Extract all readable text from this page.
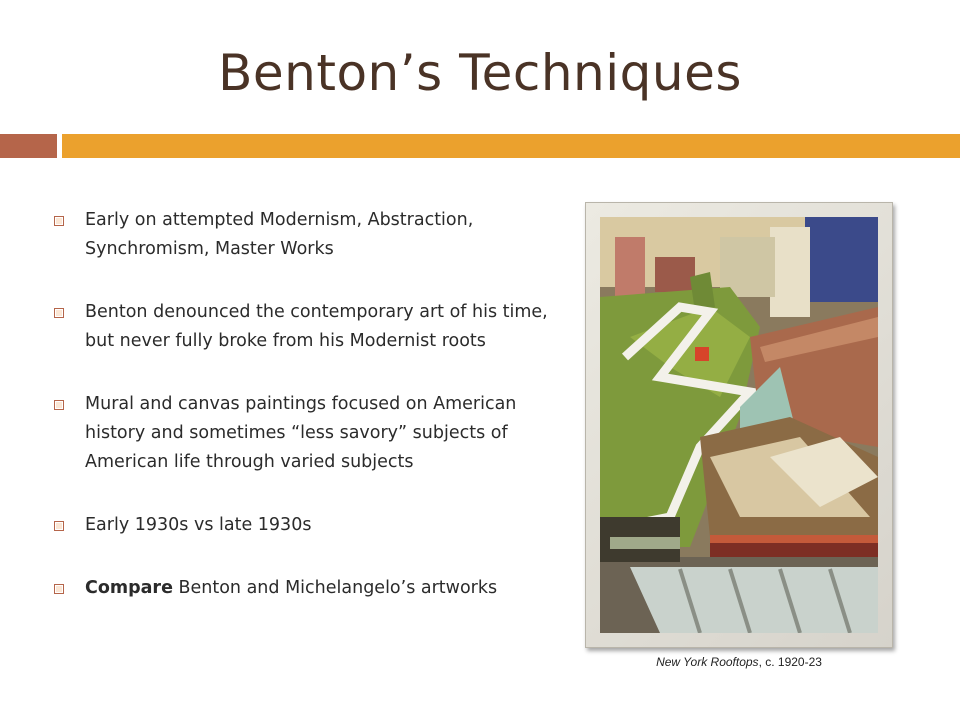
Benton’s Techniques
Early on attempted Modernism, Abstraction, Synchromism, Master Works
Benton denounced the contemporary art of his time, but never fully broke from his Modernist roots
Mural and canvas paintings focused on American history and sometimes “less savory” subjects of American life through varied subjects
Early 1930s vs late 1930s
Compare Benton and Michelangelo’s artworks
New York Rooftops, c. 1920-23
